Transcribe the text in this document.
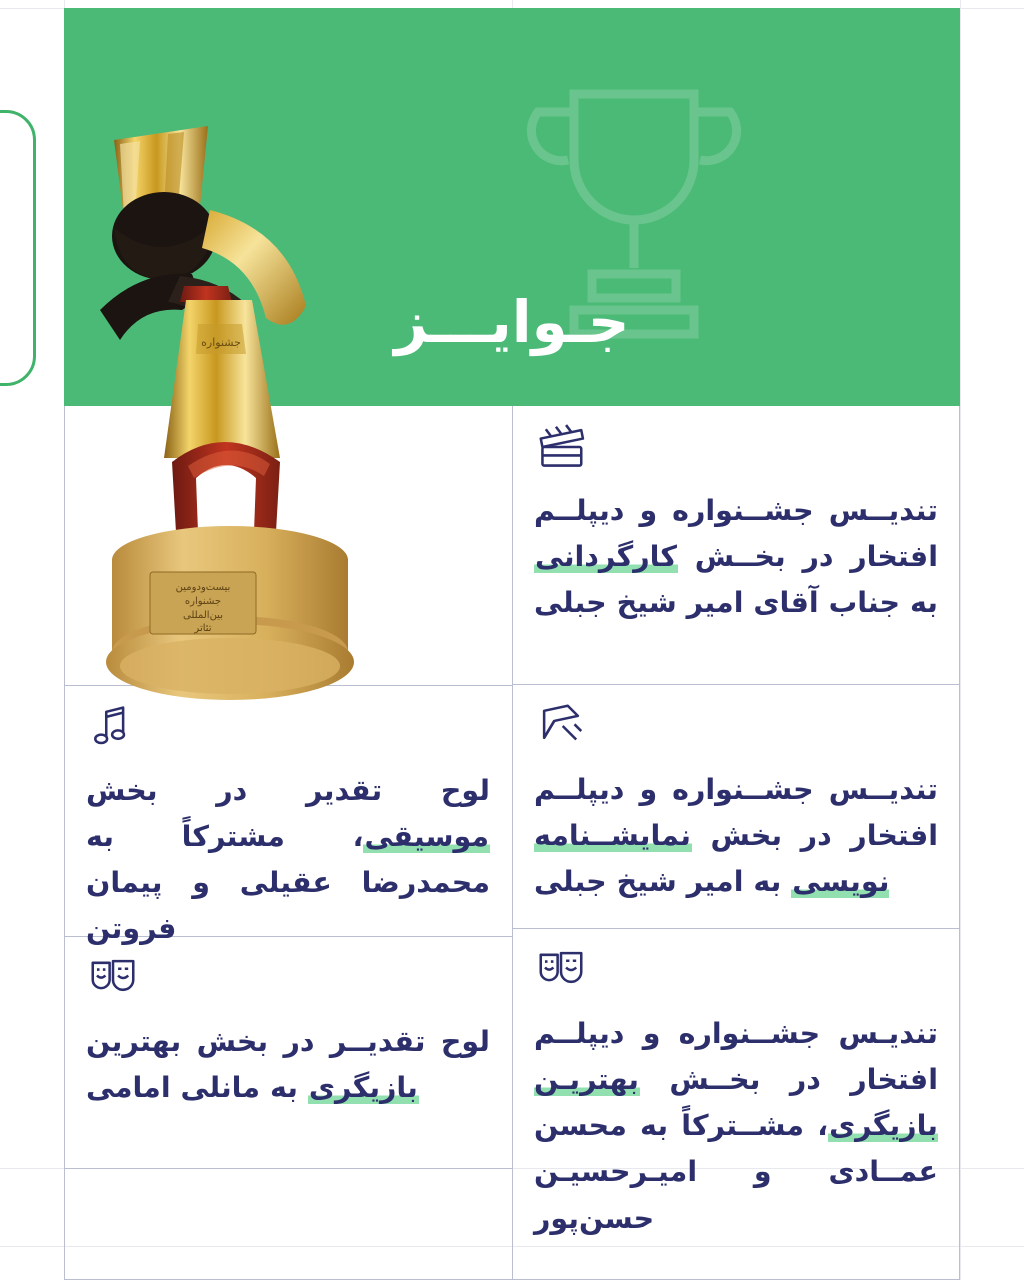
جـوایـــز
جشنواره
بیست‌ودومین
جشنواره
بین‌المللی
تئاتر
تندیــس جشــنواره و دیپلــم افتخار در بخــش کارگردانی به جناب آقای امیر شیخ جبلی
تندیــس جشــنواره و دیپلــم افتخار در بخش نمایشــنامه نویسی به امیر شیخ جبلی
تندیـس جشــنواره و دیپلــم افتخار در بخــش بهتریـن بازیگری، مشــترکاً به محسن عمــادی و امیـرحسیـن حسن‌پور
لوح تقدیر در بخش موسیقی، مشترکاً به محمدرضا عقیلی و پیمان فروتن
لوح تقدیــر در بخش بهترین بازیگری به مانلی امامی
